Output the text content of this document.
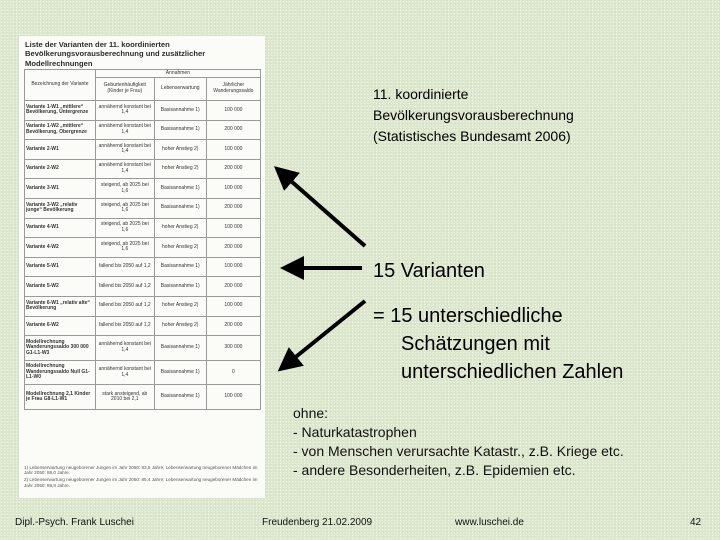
Liste der Varianten der 11. koordinierten Bevölkerungsvorausberechnung und zusätzlicher Modellrechnungen
Bezeichnung der Variante	Annahmen		
	Geburtenhäufigkeit (Kinder je Frau)	Lebenserwartung	Jährlicher Wanderungssaldo
Variante 1-W1 „mittlere“ Bevölkerung, Untergrenze	annähernd konstant bei 1,4	Basisannahme 1)	100 000
Variante 1-W2 „mittlere“ Bevölkerung, Obergrenze	annähernd konstant bei 1,4	Basisannahme 1)	200 000
Variante 2-W1	annähernd konstant bei 1,4	hoher Anstieg 2)	100 000
Variante 2-W2	annähernd konstant bei 1,4	hoher Anstieg 2)	200 000
Variante 3-W1	steigend, ab 2025 bei 1,6	Basisannahme 1)	100 000
Variante 3-W2 „relativ junge“ Bevölkerung	steigend, ab 2025 bei 1,6	Basisannahme 1)	200 000
Variante 4-W1	steigend, ab 2025 bei 1,6	hoher Anstieg 2)	100 000
Variante 4-W2	steigend, ab 2025 bei 1,6	hoher Anstieg 2)	200 000
Variante 5-W1	fallend bis 2050 auf 1,2	Basisannahme 1)	100 000
Variante 5-W2	fallend bis 2050 auf 1,2	Basisannahme 1)	200 000
Variante 6-W1 „relativ alte“ Bevölkerung	fallend bis 2050 auf 1,2	hoher Anstieg 2)	100 000
Variante 6-W2	fallend bis 2050 auf 1,2	hoher Anstieg 2)	200 000
Modellrechnung Wanderungssaldo 300 000 G1-L1-W3	annähernd konstant bei 1,4	Basisannahme 1)	300 000
Modellrechnung Wanderungssaldo Null G1-L1-W0	annähernd konstant bei 1,4	Basisannahme 1)	0
Modellrechnung 2,1 Kinder je Frau G8-L1-W1	stark ansteigend, ab 2010 bei 2,1	Basisannahme 1)	100 000
1) Lebenserwartung neugeborener Jungen im Jahr 2050: 83,5 Jahre; Lebenserwartung neugeborener Mädchen im Jahr 2050: 88,0 Jahre.
2) Lebenserwartung neugeborener Jungen im Jahr 2050: 85,4 Jahre; Lebenserwartung neugeborener Mädchen im Jahr 2050: 89,8 Jahre.
11. koordinierte
Bevölkerungsvorausberechnung
(Statistisches Bundesamt 2006)
15 Varianten
= 15 unterschiedliche
Schätzungen mit
unterschiedlichen Zahlen
ohne:
- Naturkatastrophen
- von Menschen verursachte Katastr., z.B. Kriege etc.
- andere Besonderheiten, z.B. Epidemien etc.
Dipl.-Psych. Frank Luschei	Freudenberg 21.02.2009	www.luschei.de	42
